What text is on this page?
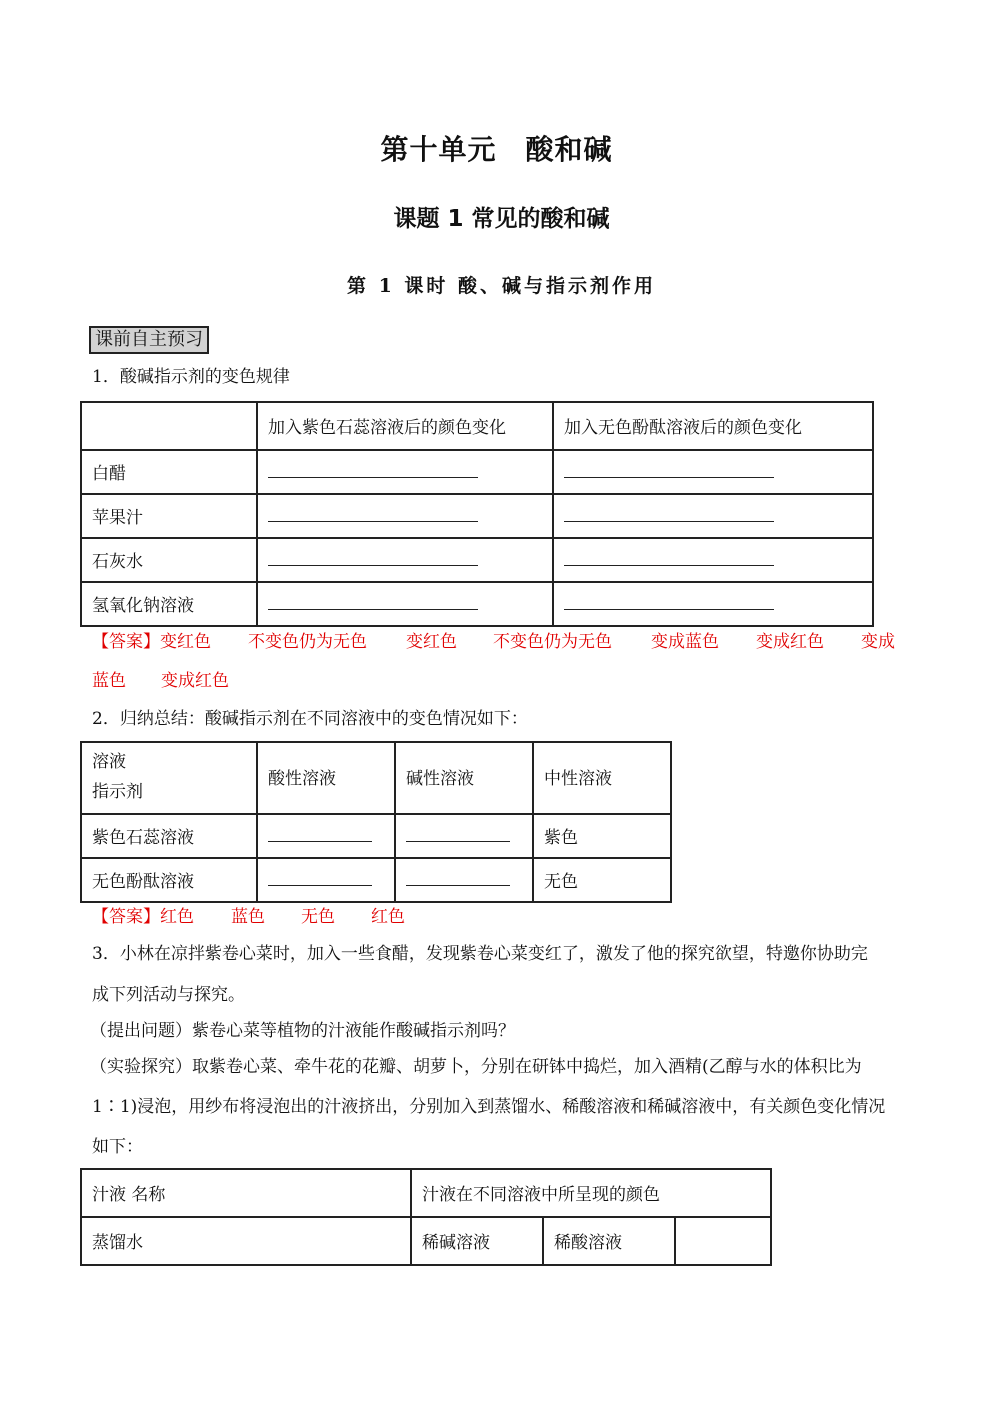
第十单元　酸和碱
课题 1 常见的酸和碱
第 1 课时 酸、碱与指示剂作用
课前自主预习
1．酸碱指示剂的变色规律
	加入紫色石蕊溶液后的颜色变化	加入无色酚酞溶液后的颜色变化
白醋		
苹果汁		
石灰水		
氢氧化钠溶液		
【答案】变红色 不变色仍为无色 变红色 不变色仍为无色 变成蓝色 变成红色 变成
蓝色 变成红色
2．归纳总结：酸碱指示剂在不同溶液中的变色情况如下：
溶液
指示剂	酸性溶液	碱性溶液	中性溶液
紫色石蕊溶液			紫色
无色酚酞溶液			无色
【答案】红色 蓝色 无色 红色
3．小林在凉拌紫卷心菜时，加入一些食醋，发现紫卷心菜变红了，激发了他的探究欲望，特邀你协助完
成下列活动与探究。
（提出问题）紫卷心菜等植物的汁液能作酸碱指示剂吗？
（实验探究）取紫卷心菜、牵牛花的花瓣、胡萝卜，分别在研钵中捣烂，加入酒精(乙醇与水的体积比为
1∶1)浸泡，用纱布将浸泡出的汁液挤出，分别加入到蒸馏水、稀酸溶液和稀碱溶液中，有关颜色变化情况
如下：
汁液 名称	汁液在不同溶液中所呈现的颜色		
蒸馏水	稀碱溶液	稀酸溶液	
